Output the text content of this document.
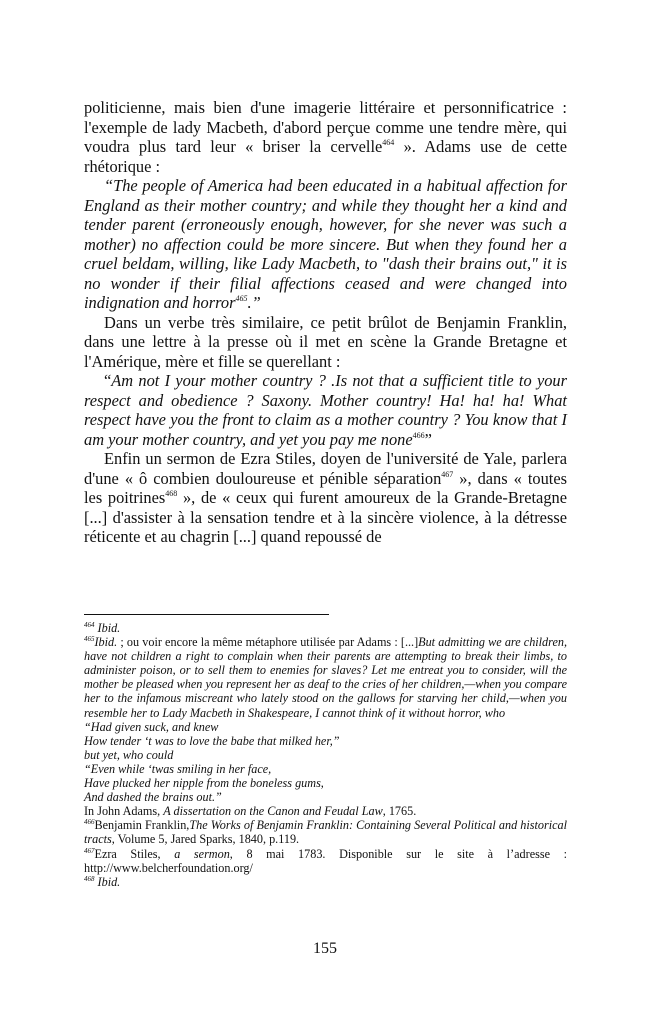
politicienne, mais bien d'une imagerie littéraire et personnificatrice : l'exemple de lady Macbeth, d'abord perçue comme une tendre mère, qui voudra plus tard leur « briser la cervelle$^{464}$ ». Adams use de cette rhétorique :

“The people of America had been educated in a habitual affection for England as their mother country; and while they thought her a kind and tender parent (erroneously enough, however, for she never was such a mother) no affection could be more sincere. But when they found her a cruel beldam, willing, like Lady Macbeth, to "dash their brains out," it is no wonder if their filial affections ceased and were changed into indignation and horror$^{465}$.”

Dans un verbe très similaire, ce petit brûlot de Benjamin Franklin, dans une lettre à la presse où il met en scène la Grande Bretagne et l'Amérique, mère et fille se querellant :

“Am not I your mother country ? .Is not that a sufficient title to your respect and obedience ? Saxony. Mother country! Ha! ha! ha! What respect have you the front to claim as a mother country ? You know that I am your mother country, and yet you pay me none$^{466}$”

Enfin un sermon de Ezra Stiles, doyen de l'université de Yale, parlera d'une « ô combien douloureuse et pénible séparation$^{467}$ », dans « toutes les poitrines$^{468}$ », de « ceux qui furent amoureux de la Grande-Bretagne [...] d'assister à la sensation tendre et à la sincère violence, à la détresse réticente et au chagrin [...] quand repoussé de

$^{464}$ Ibid.

$^{465}$Ibid. ; ou voir encore la même métaphore utilisée par Adams : [...]But admitting we are children, have not children a right to complain when their parents are attempting to break their limbs, to administer poison, or to sell them to enemies for slaves? Let me entreat you to consider, will the mother be pleased when you represent her as deaf to the cries of her children,—when you compare her to the infamous miscreant who lately stood on the gallows for starving her child,—when you resemble her to Lady Macbeth in Shakespeare, I cannot think of it without horror, who

“Had given suck, and knew
How tender ‘t was to love the babe that milked her,”
but yet, who could
“Even while ‘twas smiling in her face,
Have plucked her nipple from the boneless gums,
And dashed the brains out.”

In John Adams, A dissertation on the Canon and Feudal Law, 1765.

$^{466}$Benjamin Franklin,The Works of Benjamin Franklin: Containing Several Political and historical tracts, Volume 5, Jared Sparks, 1840, p.119.

$^{467}$Ezra Stiles, a sermon, 8 mai 1783. Disponible sur le site à l’adresse : http://www.belcherfoundation.org/

$^{468}$ Ibid.

155
